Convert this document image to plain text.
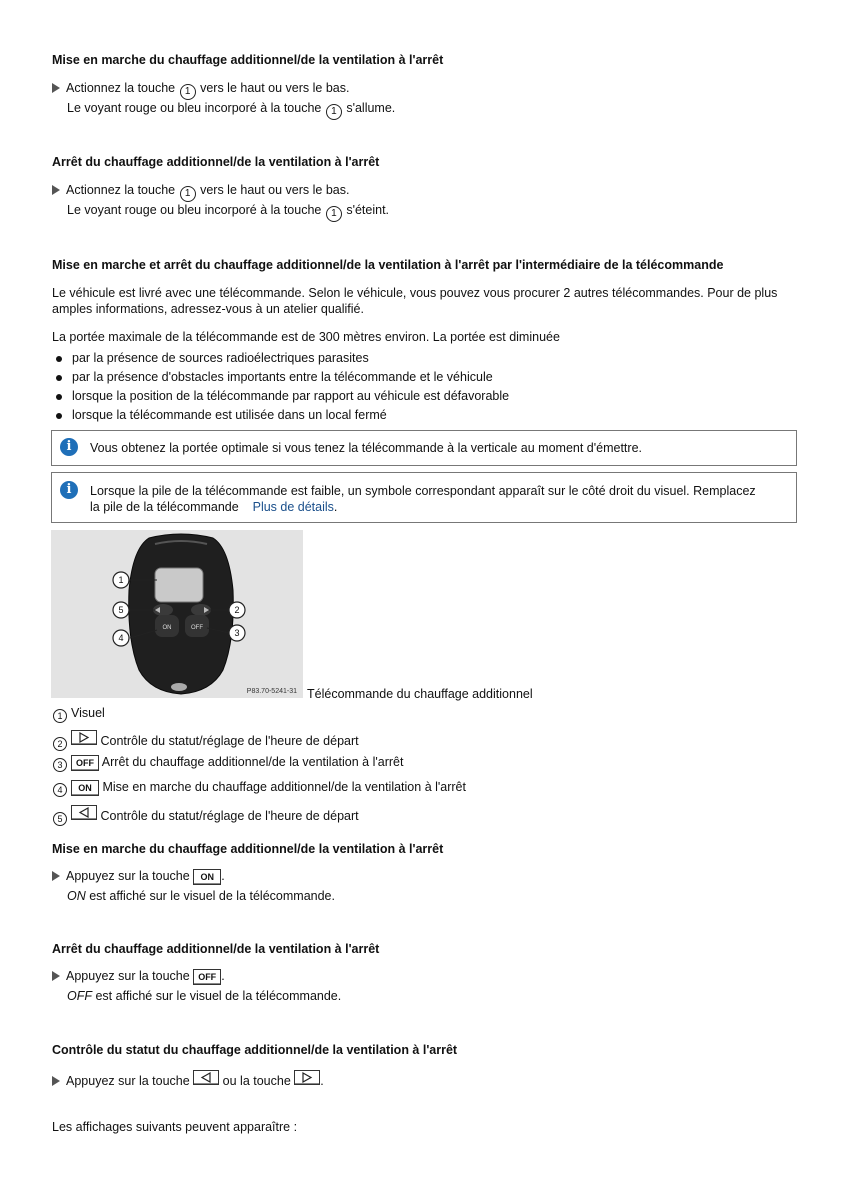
Mise en marche du chauffage additionnel/de la ventilation à l'arrêt
Actionnez la touche 1 vers le haut ou vers le bas.
Le voyant rouge ou bleu incorporé à la touche 1 s'allume.
Arrêt du chauffage additionnel/de la ventilation à l'arrêt
Actionnez la touche 1 vers le haut ou vers le bas.
Le voyant rouge ou bleu incorporé à la touche 1 s'éteint.
Mise en marche et arrêt du chauffage additionnel/de la ventilation à l'arrêt par l'intermédiaire de la télécommande
Le véhicule est livré avec une télécommande. Selon le véhicule, vous pouvez vous procurer 2 autres télécommandes. Pour de plus
amples informations, adressez-vous à un atelier qualifié.
La portée maximale de la télécommande est de 300 mètres environ. La portée est diminuée
par la présence de sources radioélectriques parasites
par la présence d'obstacles importants entre la télécommande et le véhicule
lorsque la position de la télécommande par rapport au véhicule est défavorable
lorsque la télécommande est utilisée dans un local fermé
i	Vous obtenez la portée optimale si vous tenez la télécommande à la verticale au moment d'émettre.
i	Lorsque la pile de la télécommande est faible, un symbole correspondant apparaît sur le côté droit du visuel. Remplacez
la pile de la télécommande Plus de détails.
ON	OFF
1
2
3
4
5
P83.70-5241-31 Télécommande du chauffage additionnel
1 Visuel
2	Contrôle du statut/réglage de l'heure de départ
3 OFF Arrêt du chauffage additionnel/de la ventilation à l'arrêt
4 ON Mise en marche du chauffage additionnel/de la ventilation à l'arrêt
5	Contrôle du statut/réglage de l'heure de départ
Mise en marche du chauffage additionnel/de la ventilation à l'arrêt
Appuyez sur la touche ON .
ON est affiché sur le visuel de la télécommande.
Arrêt du chauffage additionnel/de la ventilation à l'arrêt
Appuyez sur la touche OFF .
OFF est affiché sur le visuel de la télécommande.
Contrôle du statut du chauffage additionnel/de la ventilation à l'arrêt
Appuyez sur la touche	ou la touche .
Les affichages suivants peuvent apparaître :
